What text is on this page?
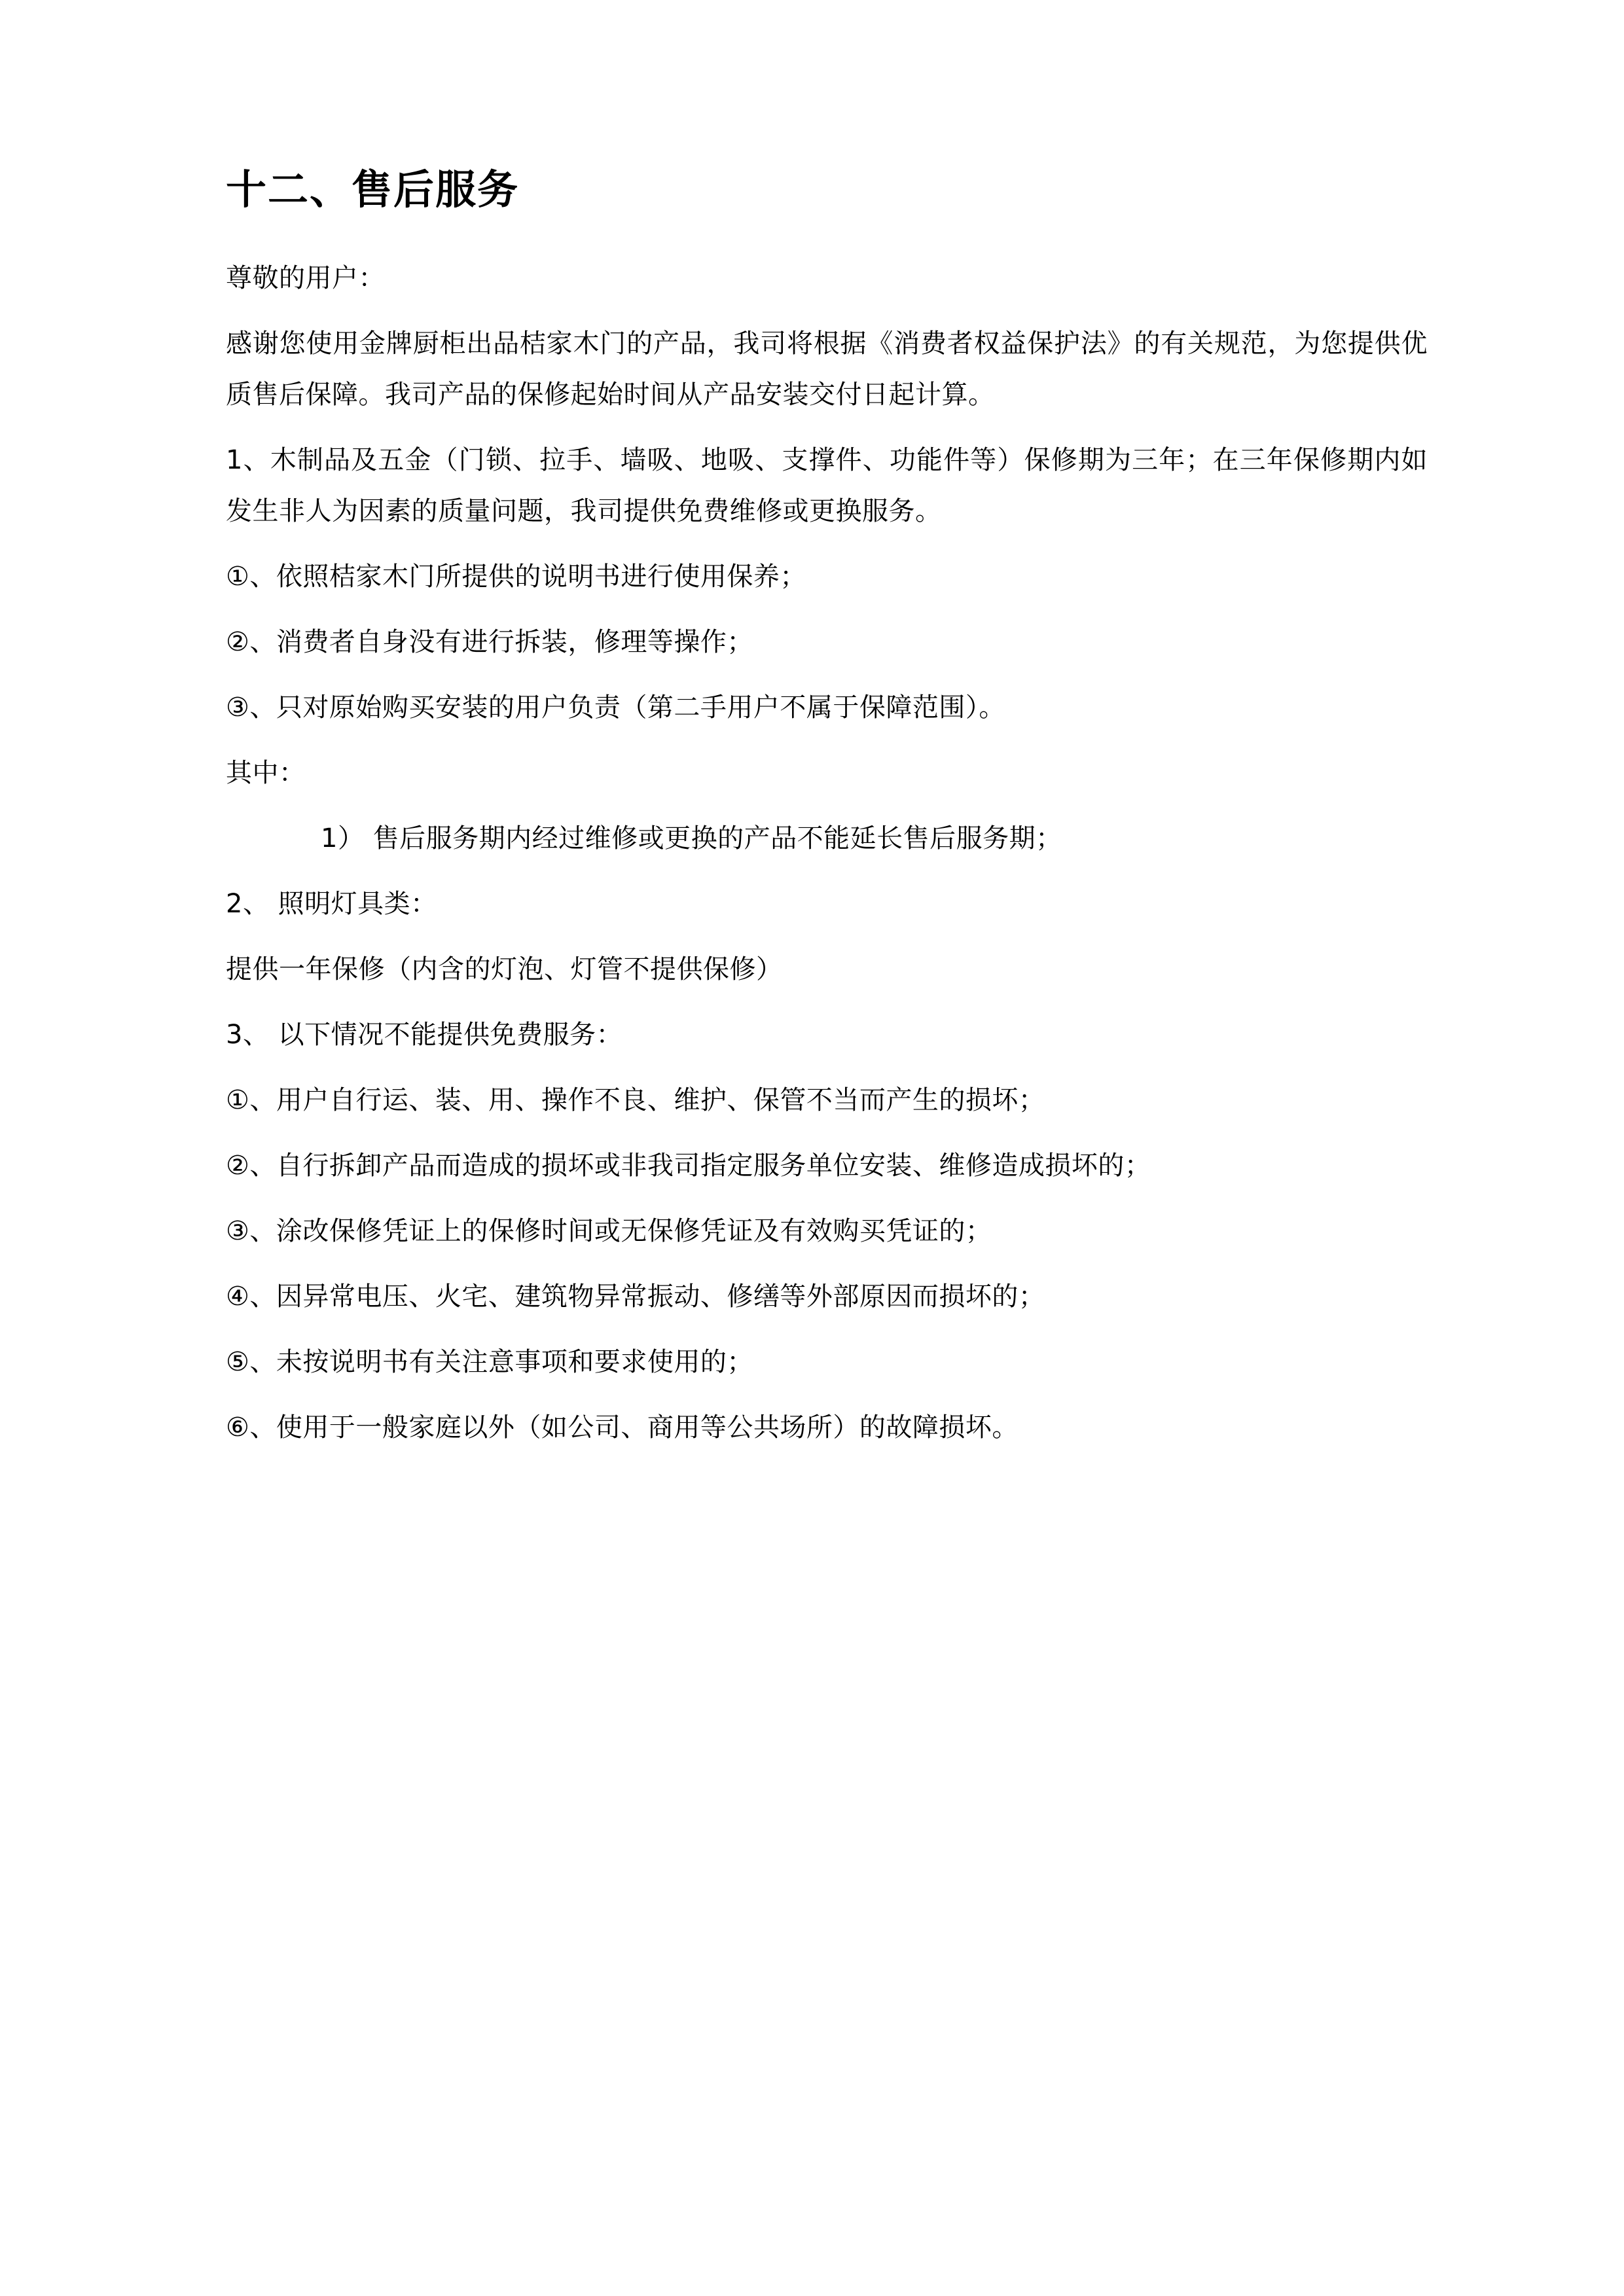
十二、售后服务

尊敬的用户：

感谢您使用金牌厨柜出品桔家木门的产品，我司将根据《消费者权益保护法》的有关规范，为您提供优质售后保障。我司产品的保修起始时间从产品安装交付日起计算。

1、木制品及五金（门锁、拉手、墙吸、地吸、支撑件、功能件等）保修期为三年；在三年保修期内如发生非人为因素的质量问题，我司提供免费维修或更换服务。

①、依照桔家木门所提供的说明书进行使用保养；

②、消费者自身没有进行拆装，修理等操作；

③、只对原始购买安装的用户负责（第二手用户不属于保障范围）。

其中：

1） 售后服务期内经过维修或更换的产品不能延长售后服务期；

2、 照明灯具类：

提供一年保修（内含的灯泡、灯管不提供保修）

3、 以下情况不能提供免费服务：

①、用户自行运、装、用、操作不良、维护、保管不当而产生的损坏；

②、自行拆卸产品而造成的损坏或非我司指定服务单位安装、维修造成损坏的；

③、涂改保修凭证上的保修时间或无保修凭证及有效购买凭证的；

④、因异常电压、火宅、建筑物异常振动、修缮等外部原因而损坏的；

⑤、未按说明书有关注意事项和要求使用的；

⑥、使用于一般家庭以外（如公司、商用等公共场所）的故障损坏。
